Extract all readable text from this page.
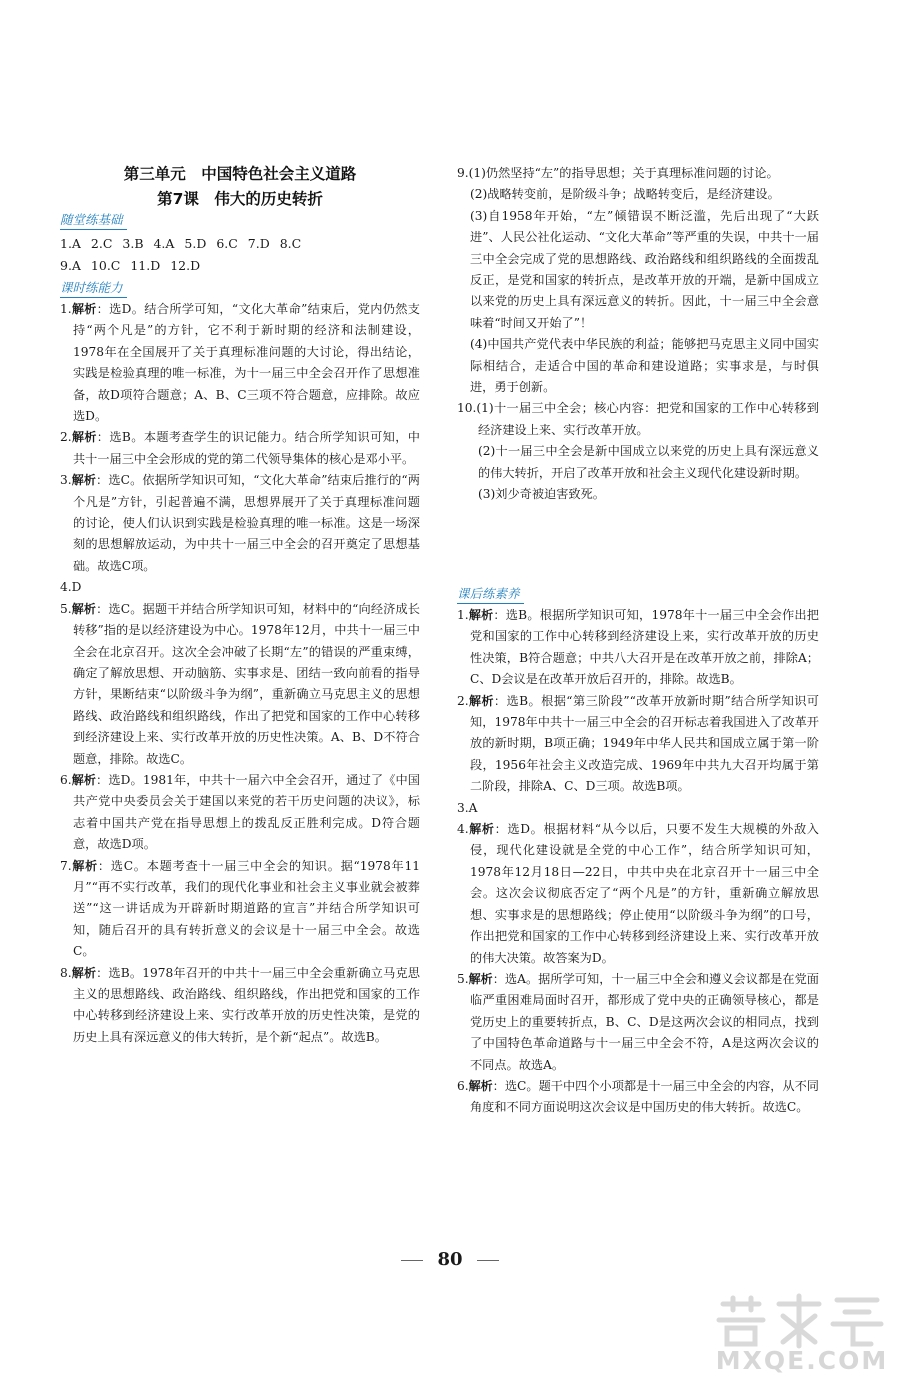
第三单元　中国特色社会主义道路
第7课　伟大的历史转折
随堂练基础
1.A 2.C 3.B 4.A 5.D 6.C 7.D 8.C
9.A 10.C 11.D 12.D
课时练能力

1.解析：选D。结合所学可知，“文化大革命”结束后，党内仍然支持“两个凡是”的方针，它不利于新时期的经济和法制建设，1978年在全国展开了关于真理标准问题的大讨论，得出结论，实践是检验真理的唯一标准，为十一届三中全会召开作了思想准备，故D项符合题意；A、B、C三项不符合题意，应排除。故应选D。

2.解析：选B。本题考查学生的识记能力。结合所学知识可知，中共十一届三中全会形成的党的第二代领导集体的核心是邓小平。

3.解析：选C。依据所学知识可知，“文化大革命”结束后推行的“两个凡是”方针，引起普遍不满，思想界展开了关于真理标准问题的讨论，使人们认识到实践是检验真理的唯一标准。这是一场深刻的思想解放运动，为中共十一届三中全会的召开奠定了思想基础。故选C项。

4.D

5.解析：选C。据题干并结合所学知识可知，材料中的“向经济成长转移”指的是以经济建设为中心。1978年12月，中共十一届三中全会在北京召开。这次全会冲破了长期“左”的错误的严重束缚，确定了解放思想、开动脑筋、实事求是、团结一致向前看的指导方针，果断结束“以阶级斗争为纲”，重新确立马克思主义的思想路线、政治路线和组织路线，作出了把党和国家的工作中心转移到经济建设上来、实行改革开放的历史性决策。A、B、D不符合题意，排除。故选C。

6.解析：选D。1981年，中共十一届六中全会召开，通过了《中国共产党中央委员会关于建国以来党的若干历史问题的决议》，标志着中国共产党在指导思想上的拨乱反正胜利完成。D符合题意，故选D项。

7.解析：选C。本题考查十一届三中全会的知识。据“1978年11月”“再不实行改革，我们的现代化事业和社会主义事业就会被葬送”“这一讲话成为开辟新时期道路的宣言”并结合所学知识可知，随后召开的具有转折意义的会议是十一届三中全会。故选C。

8.解析：选B。1978年召开的中共十一届三中全会重新确立马克思主义的思想路线、政治路线、组织路线，作出把党和国家的工作中心转移到经济建设上来、实行改革开放的历史性决策，是党的历史上具有深远意义的伟大转折，是个新“起点”。故选B。

9.(1)仍然坚持“左”的指导思想；关于真理标准问题的讨论。

(2)战略转变前，是阶级斗争；战略转变后，是经济建设。

(3)自1958年开始，“左”倾错误不断泛滥，先后出现了“大跃进”、人民公社化运动、“文化大革命”等严重的失误，中共十一届三中全会完成了党的思想路线、政治路线和组织路线的全面拨乱反正，是党和国家的转折点，是改革开放的开端，是新中国成立以来党的历史上具有深远意义的转折。因此，十一届三中全会意味着“时间又开始了”！

(4)中国共产党代表中华民族的利益；能够把马克思主义同中国实际相结合，走适合中国的革命和建设道路；实事求是，与时俱进，勇于创新。

10.(1)十一届三中全会；核心内容：把党和国家的工作中心转移到经济建设上来、实行改革开放。

(2)十一届三中全会是新中国成立以来党的历史上具有深远意义的伟大转折，开启了改革开放和社会主义现代化建设新时期。

(3)刘少奇被迫害致死。

课后练素养

1.解析：选B。根据所学知识可知，1978年十一届三中全会作出把党和国家的工作中心转移到经济建设上来，实行改革开放的历史性决策，B符合题意；中共八大召开是在改革开放之前，排除A；C、D会议是在改革开放后召开的，排除。故选B。

2.解析：选B。根据“第三阶段”“改革开放新时期”结合所学知识可知，1978年中共十一届三中全会的召开标志着我国进入了改革开放的新时期，B项正确；1949年中华人民共和国成立属于第一阶段，1956年社会主义改造完成、1969年中共九大召开均属于第二阶段，排除A、C、D三项。故选B项。

3.A

4.解析：选D。根据材料“从今以后，只要不发生大规模的外敌入侵，现代化建设就是全党的中心工作”，结合所学知识可知，1978年12月18日—22日，中共中央在北京召开十一届三中全会。这次会议彻底否定了“两个凡是”的方针，重新确立解放思想、实事求是的思想路线；停止使用“以阶级斗争为纲”的口号，作出把党和国家的工作中心转移到经济建设上来、实行改革开放的伟大决策。故答案为D。

5.解析：选A。据所学可知，十一届三中全会和遵义会议都是在党面临严重困难局面时召开，都形成了党中央的正确领导核心，都是党历史上的重要转折点，B、C、D是这两次会议的相同点，找到了中国特色革命道路与十一届三中全会不符，A是这两次会议的不同点。故选A。

6.解析：选C。题干中四个小项都是十一届三中全会的内容，从不同角度和不同方面说明这次会议是中国历史的伟大转折。故选C。

80
MXQE.COM
